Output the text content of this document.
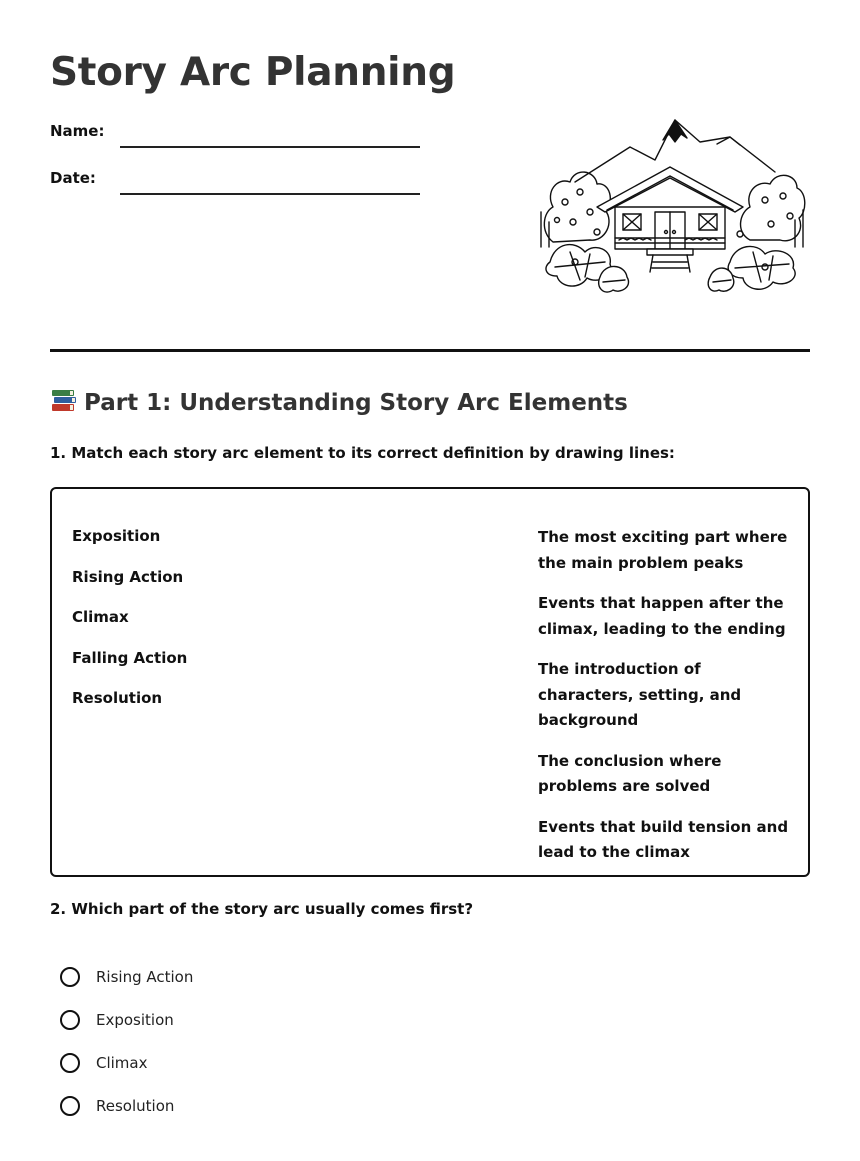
Story Arc Planning
Name:
Date:
Part 1: Understanding Story Arc Elements

1. Match each story arc element to its correct definition by drawing lines:

Exposition
Rising Action
Climax
Falling Action
Resolution
The most exciting part where the main problem peaks
Events that happen after the climax, leading to the ending
The introduction of characters, setting, and background
The conclusion where problems are solved
Events that build tension and lead to the climax

2. Which part of the story arc usually comes first?

Rising Action
Exposition
Climax
Resolution
